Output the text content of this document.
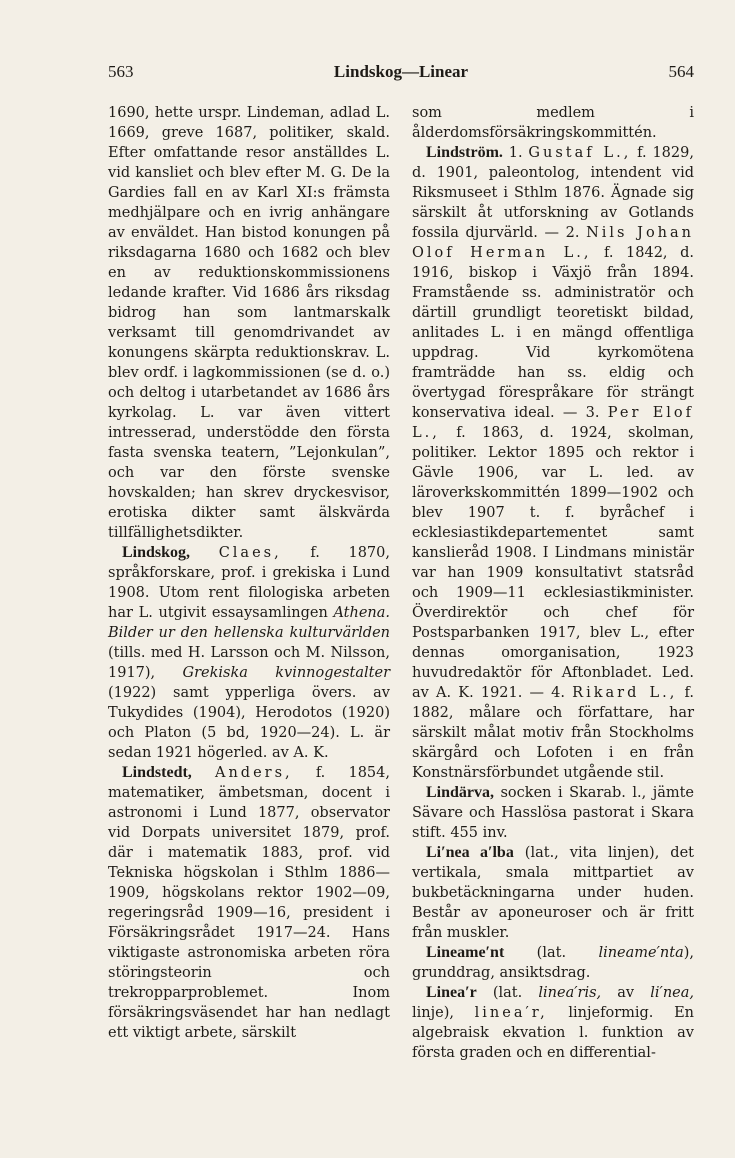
563	Lindskog—Linear	564

1690, hette urspr. Lindeman, adlad L. 1669, greve 1687, politiker, skald. Efter omfattande resor anställdes L. vid kansliet och blev efter M. G. De la Gardies fall en av Karl XI:s främsta medhjälpare och en ivrig anhängare av enväldet. Han bistod konungen på riksdagarna 1680 och 1682 och blev en av reduktionskommissionens ledande krafter. Vid 1686 års riksdag bidrog han som lantmarskalk verksamt till genomdrivandet av konungens skärpta reduktionskrav. L. blev ordf. i lagkommissionen (se d. o.) och deltog i utarbetandet av 1686 års kyrkolag. L. var även vittert intresserad, understödde den första fasta svenska teatern, ”Lejonkulan”, och var den förste svenske hovskalden; han skrev dryckesvisor, erotiska dikter samt älskvärda tillfällighetsdikter.

Lindskog, Claes, f. 1870, språkforskare, prof. i grekiska i Lund 1908. Utom rent filologiska arbeten har L. utgivit essaysamlingen Athena. Bilder ur den hellenska kulturvärlden (tills. med H. Larsson och M. Nilsson, 1917), Grekiska kvinnogestalter (1922) samt ypperliga övers. av Tukydides (1904), Herodotos (1920) och Platon (5 bd, 1920—24). L. är sedan 1921 högerled. av A. K.

Lindstedt, Anders, f. 1854, matematiker, ämbetsman, docent i astronomi i Lund 1877, observator vid Dorpats universitet 1879, prof. där i matematik 1883, prof. vid Tekniska högskolan i Sthlm 1886—1909, högskolans rektor 1902—09, regeringsråd 1909—16, president i Försäkringsrådet 1917—24. Hans viktigaste astronomiska arbeten röra störingsteorin och trekropparproblemet. Inom försäkringsväsendet har han nedlagt ett viktigt arbete, särskilt

som medlem i ålderdomsförsäkringskommittén.

Lindström. 1. Gustaf L., f. 1829, d. 1901, paleontolog, intendent vid Riksmuseet i Sthlm 1876. Ägnade sig särskilt åt utforskning av Gotlands fossila djurvärld. — 2. Nils Johan Olof Herman L., f. 1842, d. 1916, biskop i Växjö från 1894. Framstående ss. administratör och därtill grundligt teoretiskt bildad, anlitades L. i en mängd offentliga uppdrag. Vid kyrkomötena framträdde han ss. eldig och övertygad förespråkare för strängt konservativa ideal. — 3. Per Elof L., f. 1863, d. 1924, skolman, politiker. Lektor 1895 och rektor i Gävle 1906, var L. led. av läroverkskommittén 1899—1902 och blev 1907 t. f. byråchef i ecklesiastikdepartementet samt kanslieråd 1908. I Lindmans ministär var han 1909 konsultativt statsråd och 1909—11 ecklesiastikminister. Överdirektör och chef för Postsparbanken 1917, blev L., efter dennas omorganisation, 1923 huvudredaktör för Aftonbladet. Led. av A. K. 1921. — 4. Rikard L., f. 1882, målare och författare, har särskilt målat motiv från Stockholms skärgård och Lofoten i en från Konstnärsförbundet utgående stil.

Lindärva, socken i Skarab. l., jämte Sävare och Hasslösa pastorat i Skara stift. 455 inv.

Li′nea a′lba (lat., vita linjen), det vertikala, smala mittpartiet av bukbetäckningarna under huden. Består av aponeuroser och är fritt från muskler.

Lineame′nt (lat. lineame′nta), grunddrag, ansiktsdrag.

Linea′r (lat. linea′ris, av li′nea, linje), linea′r, linjeformig. En algebraisk ekvation l. funktion av första graden och en differential-
